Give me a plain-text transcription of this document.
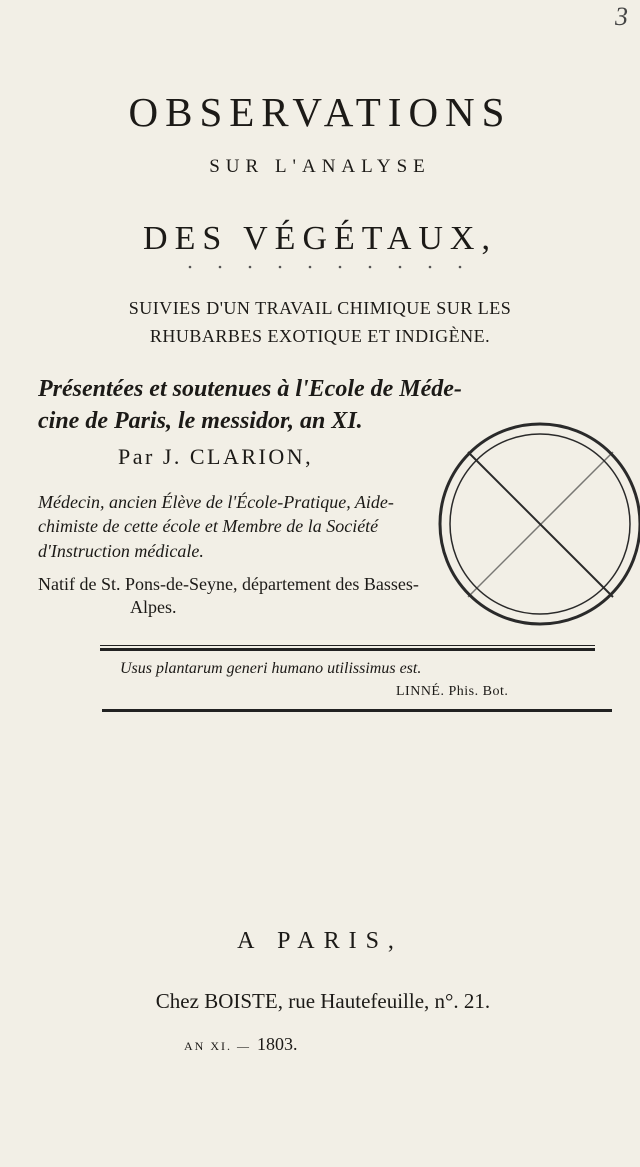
3
OBSERVATIONS
SUR L'ANALYSE
DES VÉGÉTAUX,
SUIVIES D'UN TRAVAIL CHIMIQUE SUR LES
RHUBARBES EXOTIQUE ET INDIGÈNE.
Présentées et soutenues à l'Ecole de Méde-
cine de Paris, le messidor, an XI.
Par J. CLARION,
Médecin, ancien Élève de l'École-Pratique, Aide-
chimiste de cette école et Membre de la Société
d'Instruction médicale.
Natif de St. Pons-de-Seyne, département des Basses-
Alpes.
Usus plantarum generi humano utilissimus est.
LINNÉ. Phis. Bot.
A PARIS,
Chez BOISTE, rue Hautefeuille, n°. 21.
AN XI. — 1803.
